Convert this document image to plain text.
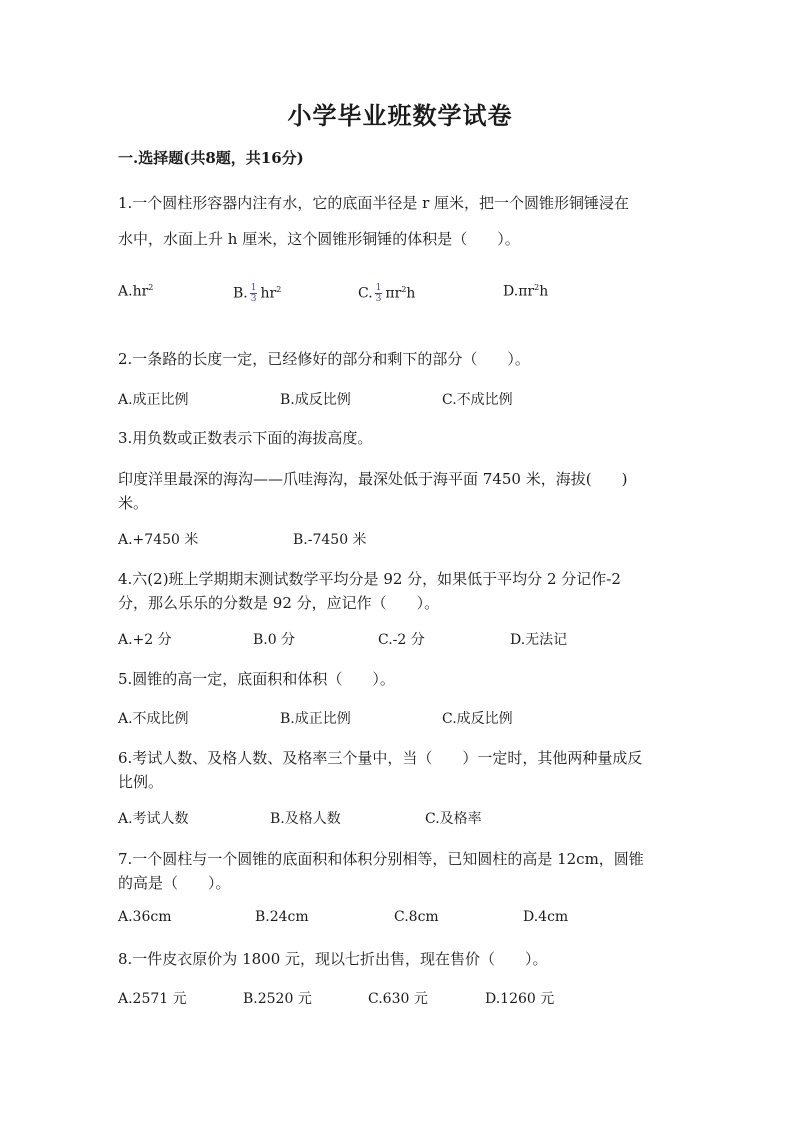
小学毕业班数学试卷
一.选择题(共8题，共16分)
1.一个圆柱形容器内注有水，它的底面半径是 r 厘米，把一个圆锥形铜锤浸在
水中，水面上升 h 厘米，这个圆锥形铜锤的体积是（　　）。
$A.hr^2$	B. $\frac{1}{3} hr^2$	C. $\frac{1}{3} \pi r^2h$	$D.\pi r^2h$
2.一条路的长度一定，已经修好的部分和剩下的部分（　　）。
A.成正比例	B.成反比例	C.不成比例
3.用负数或正数表示下面的海拔高度。
印度洋里最深的海沟——爪哇海沟，最深处低于海平面 7450 米，海拔(　　)
米。
A.+7450 米	B.-7450 米
4.六(2)班上学期期末测试数学平均分是 92 分，如果低于平均分 2 分记作-2
分，那么乐乐的分数是 92 分，应记作（　　）。
A.+2 分	B.0 分	C.-2 分	D.无法记
5.圆锥的高一定，底面积和体积（　　）。
A.不成比例	B.成正比例	C.成反比例
6.考试人数、及格人数、及格率三个量中，当（　　）一定时，其他两种量成反
比例。
A.考试人数	B.及格人数	C.及格率
7.一个圆柱与一个圆锥的底面积和体积分别相等，已知圆柱的高是 12cm，圆锥
的高是（　　）。
A.36cm	B.24cm	C.8cm	D.4cm
8.一件皮衣原价为 1800 元，现以七折出售，现在售价（　　）。
A.2571 元	B.2520 元	C.630 元	D.1260 元
